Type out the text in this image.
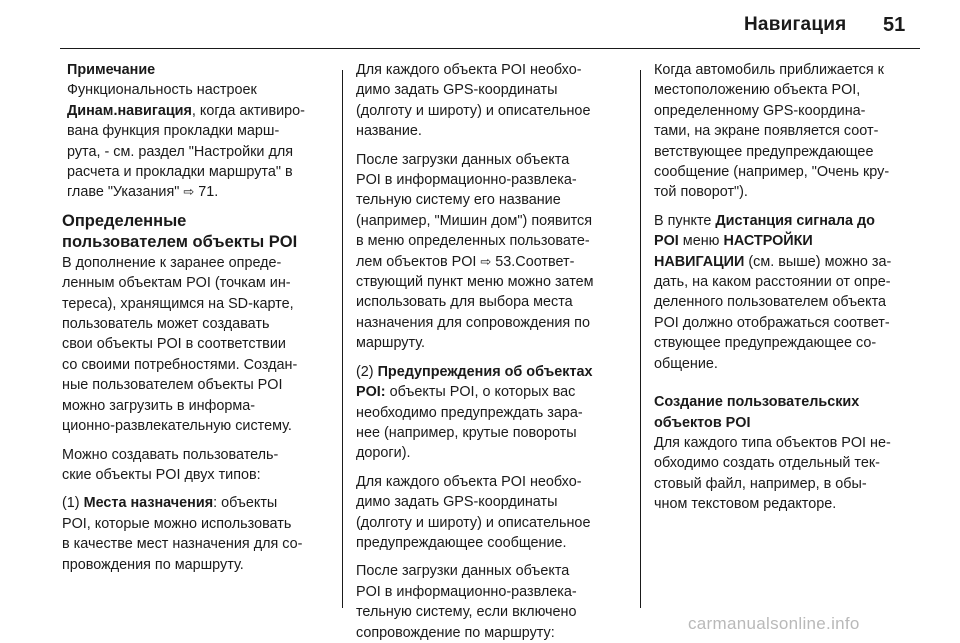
Навигация 51
Примечание
Функциональность настроек
Динам.навигация, когда активиро-
вана функция прокладки марш-
рута, - см. раздел "Настройки для
расчета и прокладки маршрута" в
главе "Указания" ⇨ 71.
Определенные
пользователем объекты POI
В дополнение к заранее опреде-
ленным объектам POI (точкам ин-
тереса), хранящимся на SD-карте,
пользователь может создавать
свои объекты POI в соответствии
со своими потребностями. Создан-
ные пользователем объекты POI
можно загрузить в информа-
ционно-развлекательную систему.
Можно создавать пользователь-
ские объекты POI двух типов:
(1) Места назначения: объекты
POI, которые можно использовать
в качестве мест назначения для со-
провождения по маршруту.
Для каждого объекта POI необхо-
димо задать GPS-координаты
(долготу и широту) и описательное
название.
После загрузки данных объекта
POI в информационно-развлека-
тельную систему его название
(например, "Мишин дом") появится
в меню определенных пользовате-
лем объектов POI ⇨ 53.Соответ-
ствующий пункт меню можно затем
использовать для выбора места
назначения для сопровождения по
маршруту.
(2) Предупреждения об объектах
POI: объекты POI, о которых вас
необходимо предупреждать зара-
нее (например, крутые повороты
дороги).
Для каждого объекта POI необхо-
димо задать GPS-координаты
(долготу и широту) и описательное
предупреждающее сообщение.
После загрузки данных объекта
POI в информационно-развлека-
тельную систему, если включено
сопровождение по маршруту:
Когда автомобиль приближается к
местоположению объекта POI,
определенному GPS-координа-
тами, на экране появляется соот-
ветствующее предупреждающее
сообщение (например, "Очень кру-
той поворот").
В пункте Дистанция сигнала до
POI меню НАСТРОЙКИ
НАВИГАЦИИ (см. выше) можно за-
дать, на каком расстоянии от опре-
деленного пользователем объекта
POI должно отображаться соответ-
ствующее предупреждающее со-
общение.
Создание пользовательских
объектов POI
Для каждого типа объектов POI не-
обходимо создать отдельный тек-
стовый файл, например, в обы-
чном текстовом редакторе.
carmanualsonline.info
